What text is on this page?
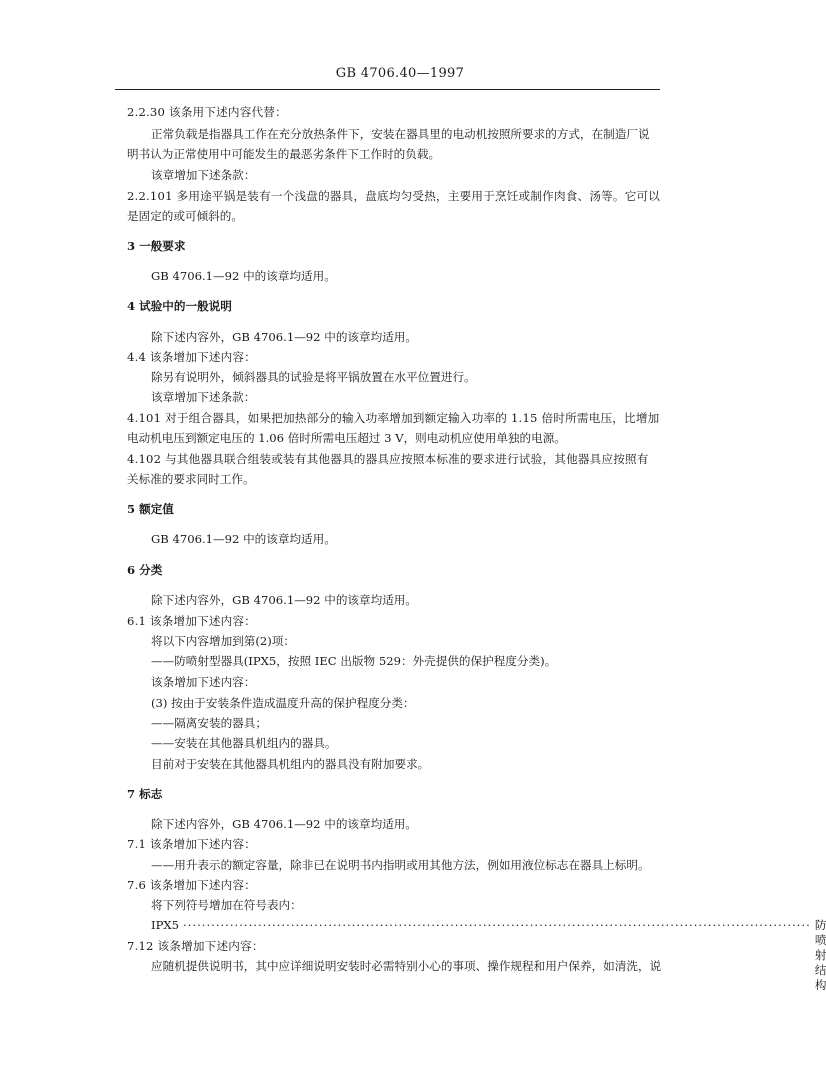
GB 4706.40—1997
2.2.30 该条用下述内容代替：
正常负载是指器具工作在充分放热条件下，安装在器具里的电动机按照所要求的方式，在制造厂说
明书认为正常使用中可能发生的最恶劣条件下工作时的负载。
该章增加下述条款：
2.2.101 多用途平锅是装有一个浅盘的器具，盘底均匀受热，主要用于烹饪或制作肉食、汤等。它可以
是固定的或可倾斜的。
3 一般要求
GB 4706.1—92 中的该章均适用。
4 试验中的一般说明
除下述内容外，GB 4706.1—92 中的该章均适用。
4.4 该条增加下述内容：
除另有说明外，倾斜器具的试验是将平锅放置在水平位置进行。
该章增加下述条款：
4.101 对于组合器具，如果把加热部分的输入功率增加到额定输入功率的 1.15 倍时所需电压，比增加
电动机电压到额定电压的 1.06 倍时所需电压超过 3 V，则电动机应使用单独的电源。
4.102 与其他器具联合组装或装有其他器具的器具应按照本标准的要求进行试验，其他器具应按照有
关标准的要求同时工作。
5 额定值
GB 4706.1—92 中的该章均适用。
6 分类
除下述内容外，GB 4706.1—92 中的该章均适用。
6.1 该条增加下述内容：
将以下内容增加到第(2)项：
——防喷射型器具(IPX5，按照 IEC 出版物 529：外壳提供的保护程度分类)。
该条增加下述内容：
(3) 按由于安装条件造成温度升高的保护程度分类：
——隔离安装的器具；
——安装在其他器具机组内的器具。
目前对于安装在其他器具机组内的器具没有附加要求。
7 标志
除下述内容外，GB 4706.1—92 中的该章均适用。
7.1 该条增加下述内容：
——用升表示的额定容量，除非已在说明书内指明或用其他方法，例如用液位标志在器具上标明。
7.6 该条增加下述内容：
将下列符号增加在符号表内：
IPX5 ······································································································································ 防喷射结构
7.12 该条增加下述内容：
应随机提供说明书，其中应详细说明安装时必需特别小心的事项、操作规程和用户保养，如清洗，说
